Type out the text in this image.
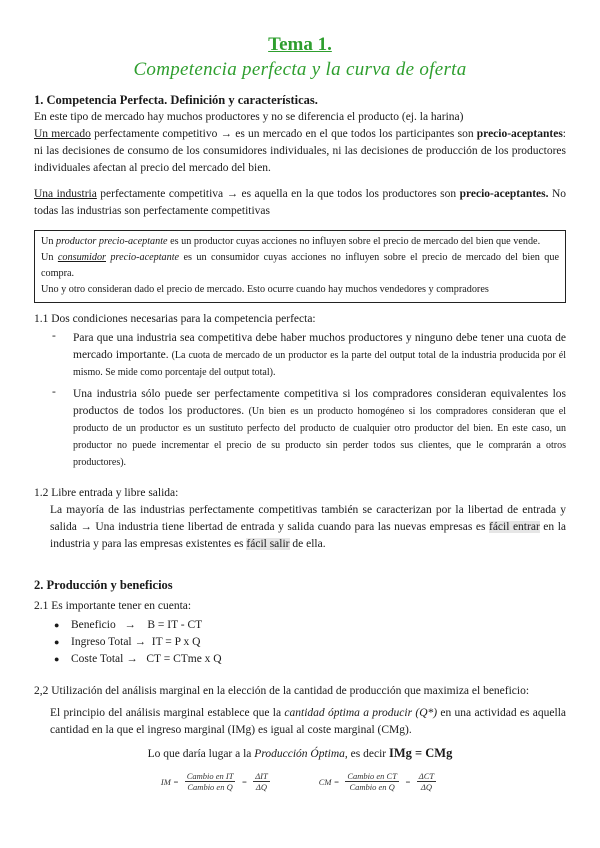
Tema 1.
Competencia perfecta y la curva de oferta
1. Competencia Perfecta. Definición y características.

En este tipo de mercado hay muchos productores y no se diferencia el producto (ej. la harina)

Un mercado perfectamente competitivo → es un mercado en el que todos los participantes son precio-aceptantes: ni las decisiones de consumo de los consumidores individuales, ni las decisiones de producción de los productores individuales afectan al precio del mercado del bien.

Una industria perfectamente competitiva → es aquella en la que todos los productores son precio-aceptantes. No todas las industrias son perfectamente competitivas

Un productor precio-aceptante es un productor cuyas acciones no influyen sobre el precio de mercado del bien que vende.

Un consumidor precio-aceptante es un consumidor cuyas acciones no influyen sobre el precio de mercado del bien que compra.

Uno y otro consideran dado el precio de mercado. Esto ocurre cuando hay muchos vendedores y compradores

1.1 Dos condiciones necesarias para la competencia perfecta:

- Para que una industria sea competitiva debe haber muchos productores y ninguno debe tener una cuota de mercado importante. (La cuota de mercado de un productor es la parte del output total de la industria producida por él mismo. Se mide como porcentaje del output total).

- Una industria sólo puede ser perfectamente competitiva si los compradores consideran equivalentes los productos de todos los productores. (Un bien es un producto homogéneo si los compradores consideran que el producto de un productor es un sustituto perfecto del producto de cualquier otro productor del bien. En este caso, un productor no puede incrementar el precio de su producto sin perder todos sus clientes, que le comprarán a otros productores).

1.2 Libre entrada y libre salida:

La mayoría de las industrias perfectamente competitivas también se caracterizan por la libertad de entrada y salida → Una industria tiene libertad de entrada y salida cuando para las nuevas empresas es fácil entrar en la industria y para las empresas existentes es fácil salir de ella.

2. Producción y beneficios

2.1 Es importante tener en cuenta:

● Beneficio → B = IT - CT
● Ingreso Total → IT = P x Q
● Coste Total → CT = CTme x Q

2,2 Utilización del análisis marginal en la elección de la cantidad de producción que maximiza el beneficio:

El principio del análisis marginal establece que la cantidad óptima a producir (Q*) en una actividad es aquella cantidad en la que el ingreso marginal (IMg) es igual al coste marginal (CMg).

Lo que daría lugar a la Producción Óptima, es decir IMg = CMg

IM = $\frac{\text{Cambio en IT}}{\text{Cambio en Q}} = \frac{\text{ΔIT}}{\Delta Q}$	CM = $\frac{\text{Cambio en CT}}{\text{Cambio en Q}} = \frac{\text{ΔCT}}{\Delta Q}$
